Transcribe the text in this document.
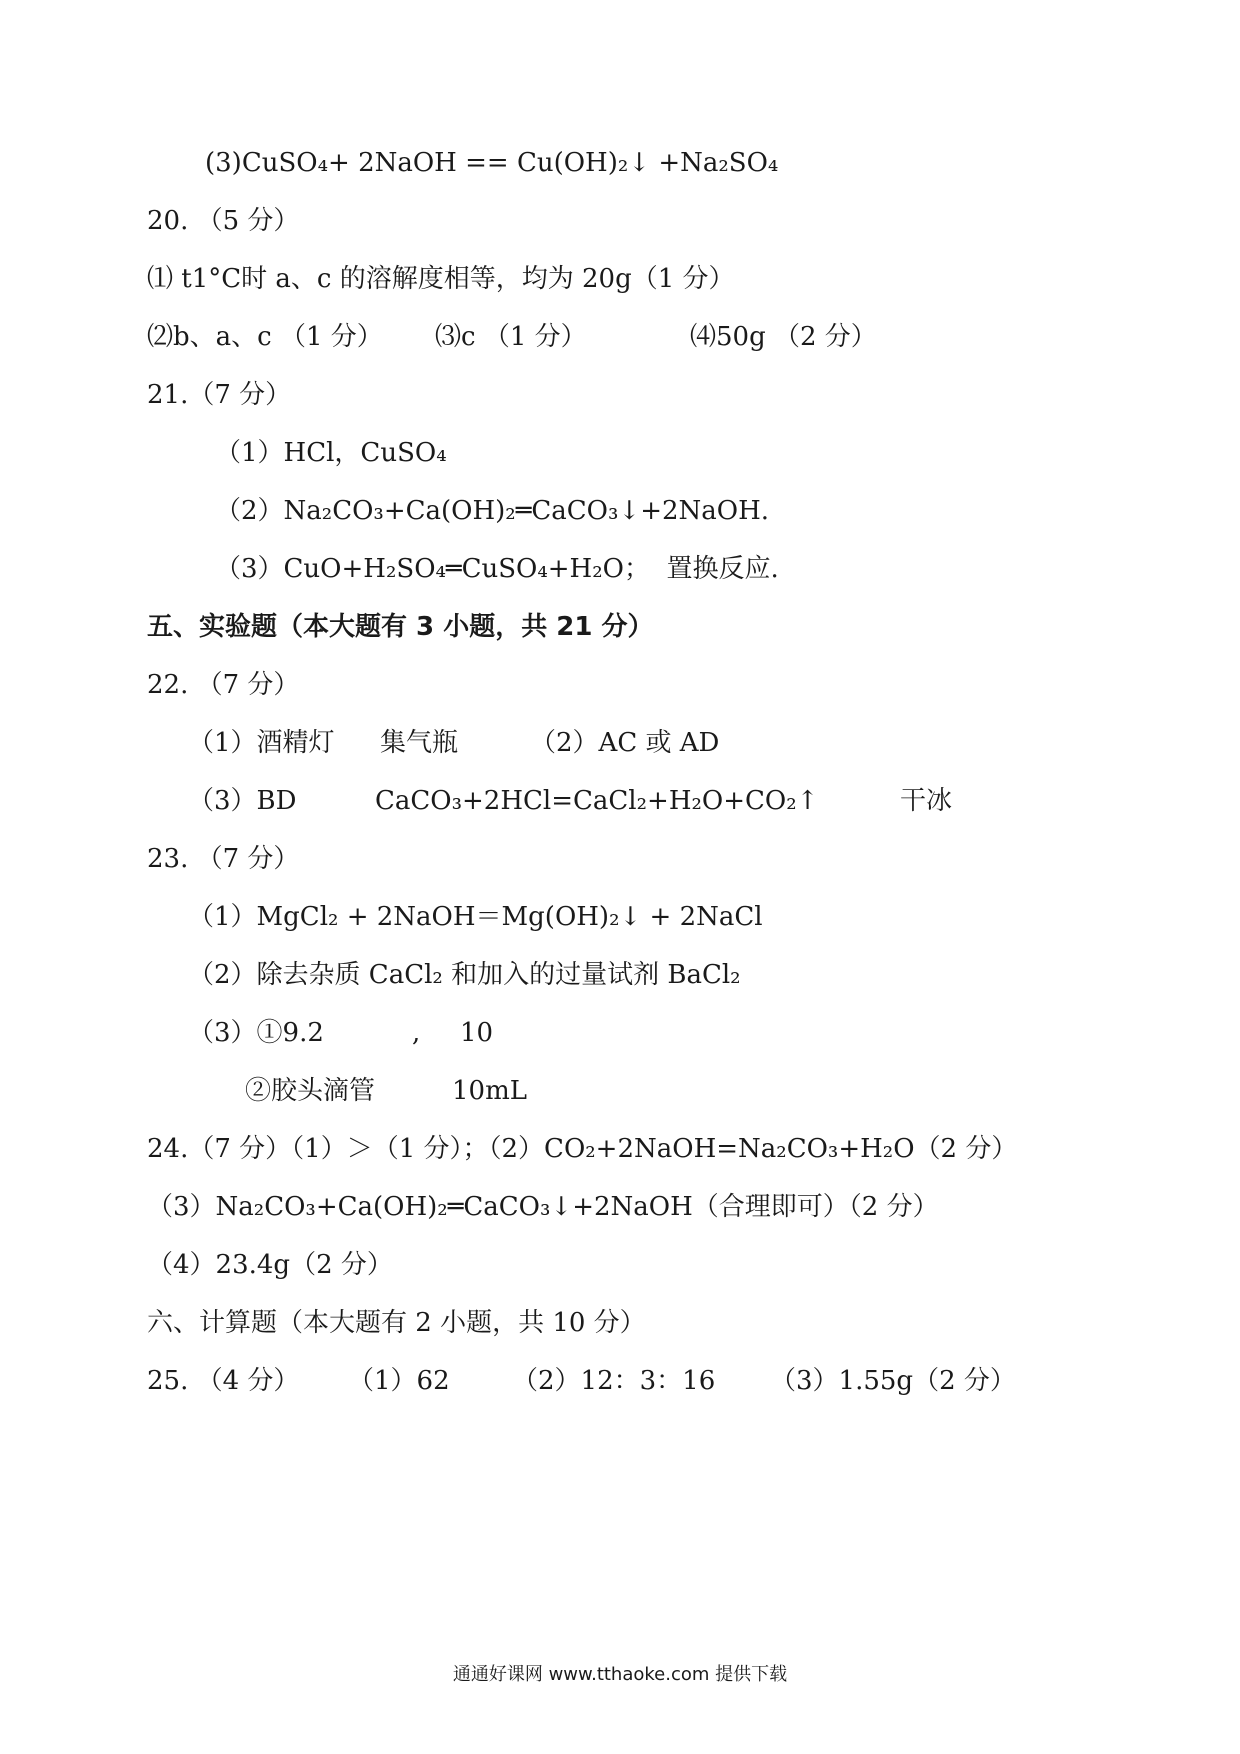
(3)CuSO₄+ 2NaOH == Cu(OH)₂↓ +Na₂SO₄
20. （5 分）
⑴ t1°C时 a、c 的溶解度相等，均为 20g（1 分）
⑵b、a、c （1 分） ⑶c （1 分）	⑷50g （2 分）
21.（7 分）
（1）HCl，CuSO₄
（2）Na₂CO₃+Ca(OH)₂═CaCO₃↓+2NaOH.
（3）CuO+H₂SO₄═CuSO₄+H₂O；  置换反应.
五、实验题（本大题有 3 小题，共 21 分）
22. （7 分）
（1）酒精灯 集气瓶	（2）AC 或 AD
（3）BD	CaCO₃+2HCl=CaCl₂+H₂O+CO₂↑	干冰
23. （7 分）
（1）MgCl₂ + 2NaOH＝Mg(OH)₂↓ + 2NaCl
（2）除去杂质 CaCl₂ 和加入的过量试剂 BaCl₂
（3）①9.2	, 10
②胶头滴管	10mL
24.（7 分）（1）＞（1 分）；（2）CO₂+2NaOH=Na₂CO₃+H₂O（2 分）
（3）Na₂CO₃+Ca(OH)₂═CaCO₃↓+2NaOH（合理即可）（2 分）
（4）23.4g（2 分）
六、计算题（本大题有 2 小题，共 10 分）
25. （4 分） （1）62 （2）12：3：16 （3）1.55g（2 分）
通通好课网 www.tthaoke.com 提供下载
